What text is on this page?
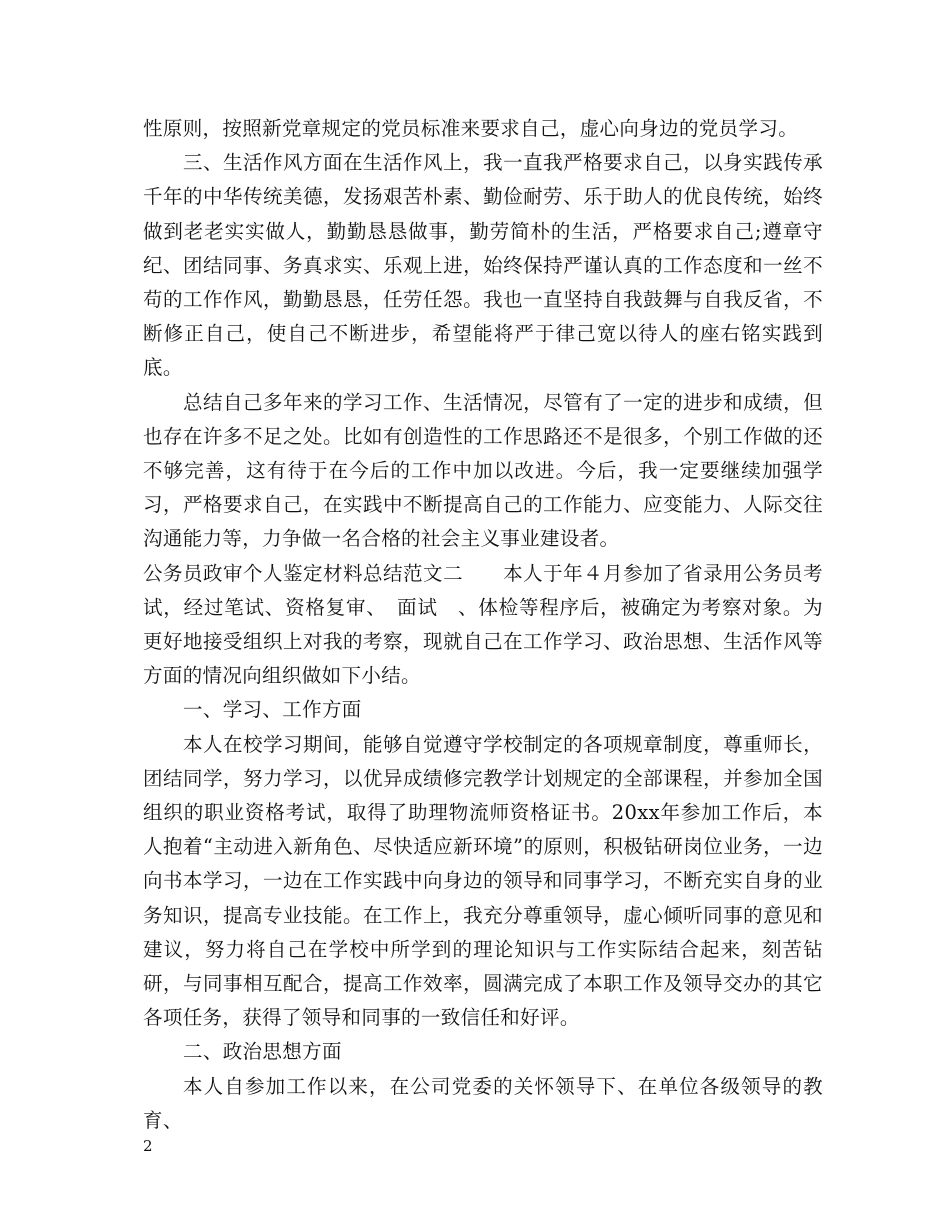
性原则，按照新党章规定的党员标准来要求自己，虚心向身边的党员学习。

三、生活作风方面在生活作风上，我一直我严格要求自己，以身实践传承千年的中华传统美德，发扬艰苦朴素、勤俭耐劳、乐于助人的优良传统，始终做到老老实实做人，勤勤恳恳做事，勤劳简朴的生活，严格要求自己;遵章守纪、团结同事、务真求实、乐观上进，始终保持严谨认真的工作态度和一丝不苟的工作作风，勤勤恳恳，任劳任怨。我也一直坚持自我鼓舞与自我反省，不断修正自己，使自己不断进步，希望能将严于律己宽以待人的座右铭实践到底。

总结自己多年来的学习工作、生活情况，尽管有了一定的进步和成绩，但也存在许多不足之处。比如有创造性的工作思路还不是很多，个别工作做的还不够完善，这有待于在今后的工作中加以改进。今后，我一定要继续加强学习，严格要求自己，在实践中不断提高自己的工作能力、应变能力、人际交往沟通能力等，力争做一名合格的社会主义事业建设者。

公务员政审个人鉴定材料总结范文二　　本人于年４月参加了省录用公务员考试，经过笔试、资格复审、　面试　、体检等程序后，被确定为考察对象。为更好地接受组织上对我的考察，现就自己在工作学习、政治思想、生活作风等方面的情况向组织做如下小结。

一、学习、工作方面

本人在校学习期间，能够自觉遵守学校制定的各项规章制度，尊重师长，团结同学，努力学习，以优异成绩修完教学计划规定的全部课程，并参加全国组织的职业资格考试，取得了助理物流师资格证书。20xx年参加工作后，本人抱着“主动进入新角色、尽快适应新环境”的原则，积极钻研岗位业务，一边向书本学习，一边在工作实践中向身边的领导和同事学习，不断充实自身的业务知识，提高专业技能。在工作上，我充分尊重领导，虚心倾听同事的意见和建议，努力将自己在学校中所学到的理论知识与工作实际结合起来，刻苦钻研，与同事相互配合，提高工作效率，圆满完成了本职工作及领导交办的其它各项任务，获得了领导和同事的一致信任和好评。

二、政治思想方面

本人自参加工作以来，在公司党委的关怀领导下、在单位各级领导的教育、

2
